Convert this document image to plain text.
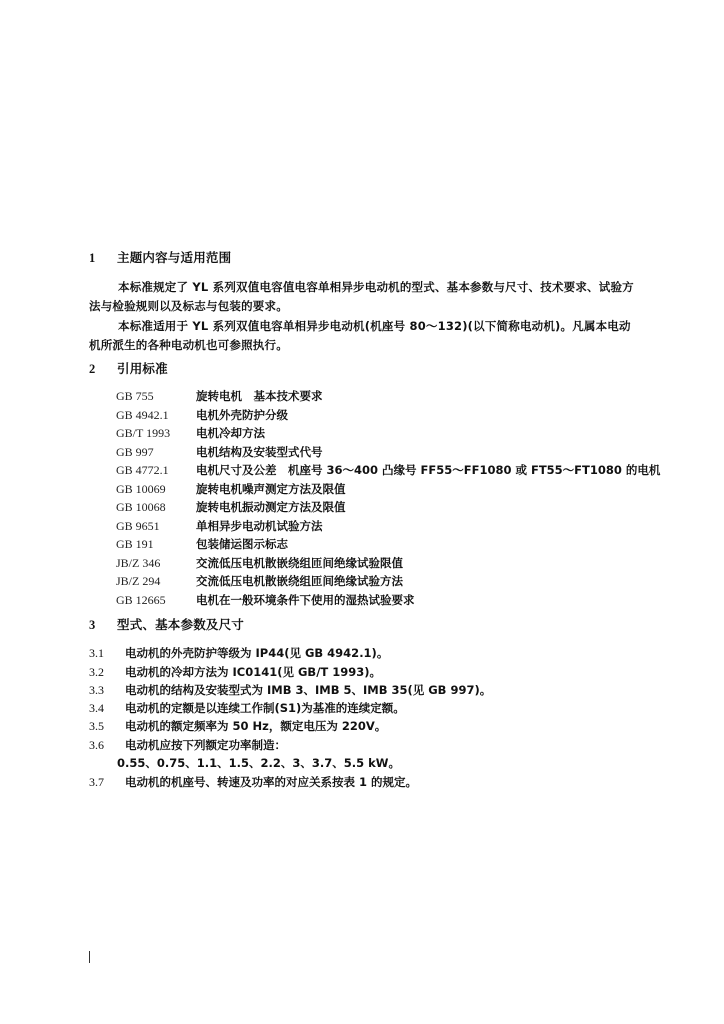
1 主题内容与适用范围
本标准规定了 YL 系列双值电容值电容单相异步电动机的型式、基本参数与尺寸、技术要求、试验方
法与检验规则以及标志与包装的要求。
本标准适用于 YL 系列双值电容单相异步电动机(机座号 80～132)(以下简称电动机)。凡属本电动
机所派生的各种电动机也可参照执行。
2 引用标准
GB 755	旋转电机　基本技术要求
GB 4942.1 电机外壳防护分级
GB/T 1993 电机冷却方法
GB 997	电机结构及安装型式代号
GB 4772.1 电机尺寸及公差　机座号 36～400 凸缘号 FF55～FF1080 或 FT55～FT1080 的电机
GB 10069	旋转电机噪声测定方法及限值
GB 10068	旋转电机振动测定方法及限值
GB 9651	单相异步电动机试验方法
GB 191	包装储运图示标志
JB/Z 346	交流低压电机散嵌绕组匝间绝缘试验限值
JB/Z 294	交流低压电机散嵌绕组匝间绝缘试验方法
GB 12665	电机在一般环境条件下使用的湿热试验要求
3 型式、基本参数及尺寸
3.1 电动机的外壳防护等级为 IP44(见 GB 4942.1)。
3.2 电动机的冷却方法为 IC0141(见 GB/T 1993)。
3.3 电动机的结构及安装型式为 IMB 3、IMB 5、IMB 35(见 GB 997)。
3.4 电动机的定额是以连续工作制(S1)为基准的连续定额。
3.5 电动机的额定频率为 50 Hz，额定电压为 220V。
3.6 电动机应按下列额定功率制造：
0.55、0.75、1.1、1.5、2.2、3、3.7、5.5 kW。
3.7 电动机的机座号、转速及功率的对应关系按表 1 的规定。
